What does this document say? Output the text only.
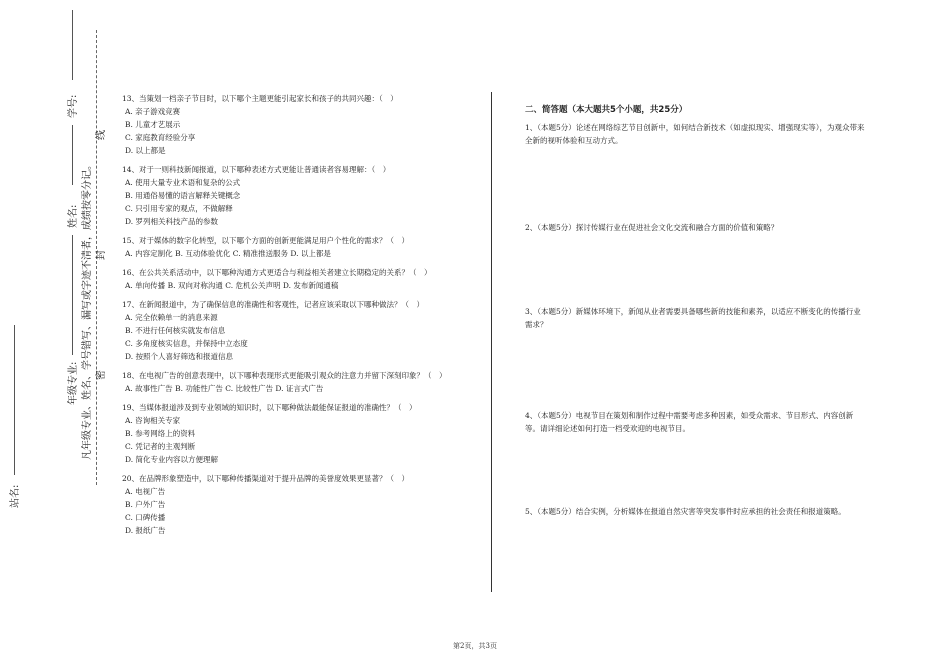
学号:
姓名:
年级专业:
站名:
凡年级专业、姓名、学号错写、漏写或字迹不清者，成绩按零分记。
线
封
密
13、当策划一档亲子节目时，以下哪个主题更能引起家长和孩子的共同兴趣：（　）
A. 亲子游戏竞赛
B. 儿童才艺展示
C. 家庭教育经验分享
D. 以上都是
14、对于一则科技新闻报道，以下哪种表述方式更能让普通读者容易理解：（　）
A. 使用大量专业术语和复杂的公式
B. 用通俗易懂的语言解释关键概念
C. 只引用专家的观点，不做解释
D. 罗列相关科技产品的参数
15、对于媒体的数字化转型，以下哪个方面的创新更能满足用户个性化的需求？（　）
A. 内容定制化 B. 互动体验优化 C. 精准推送服务 D. 以上都是
16、在公共关系活动中，以下哪种沟通方式更适合与利益相关者建立长期稳定的关系？（　）
A. 单向传播 B. 双向对称沟通 C. 危机公关声明 D. 发布新闻通稿
17、在新闻报道中，为了确保信息的准确性和客观性，记者应该采取以下哪种做法？（　）
A. 完全依赖单一的消息来源
B. 不进行任何核实就发布信息
C. 多角度核实信息，并保持中立态度
D. 按照个人喜好筛选和报道信息
18、在电视广告的创意表现中，以下哪种表现形式更能吸引观众的注意力并留下深刻印象？（　）
A. 故事性广告 B. 功能性广告 C. 比较性广告 D. 证言式广告
19、当媒体报道涉及到专业领域的知识时，以下哪种做法最能保证报道的准确性？（　）
A. 咨询相关专家
B. 参考网络上的资料
C. 凭记者的主观判断
D. 简化专业内容以方便理解
20、在品牌形象塑造中，以下哪种传播渠道对于提升品牌的美誉度效果更显著？（　）
A. 电视广告
B. 户外广告
C. 口碑传播
D. 报纸广告
二、简答题（本大题共5个小题，共25分）
1、（本题5分）论述在网络综艺节目创新中，如何结合新技术（如虚拟现实、增强现实等），为观众带来全新的视听体验和互动方式。
2、（本题5分）探讨传媒行业在促进社会文化交流和融合方面的价值和策略？
3、（本题5分）新媒体环境下，新闻从业者需要具备哪些新的技能和素养，以适应不断变化的传播行业需求？
4、（本题5分）电视节目在策划和制作过程中需要考虑多种因素，如受众需求、节目形式、内容创新等。请详细论述如何打造一档受欢迎的电视节目。
5、（本题5分）结合实例，分析媒体在报道自然灾害等突发事件时应承担的社会责任和报道策略。
第2页，共3页
